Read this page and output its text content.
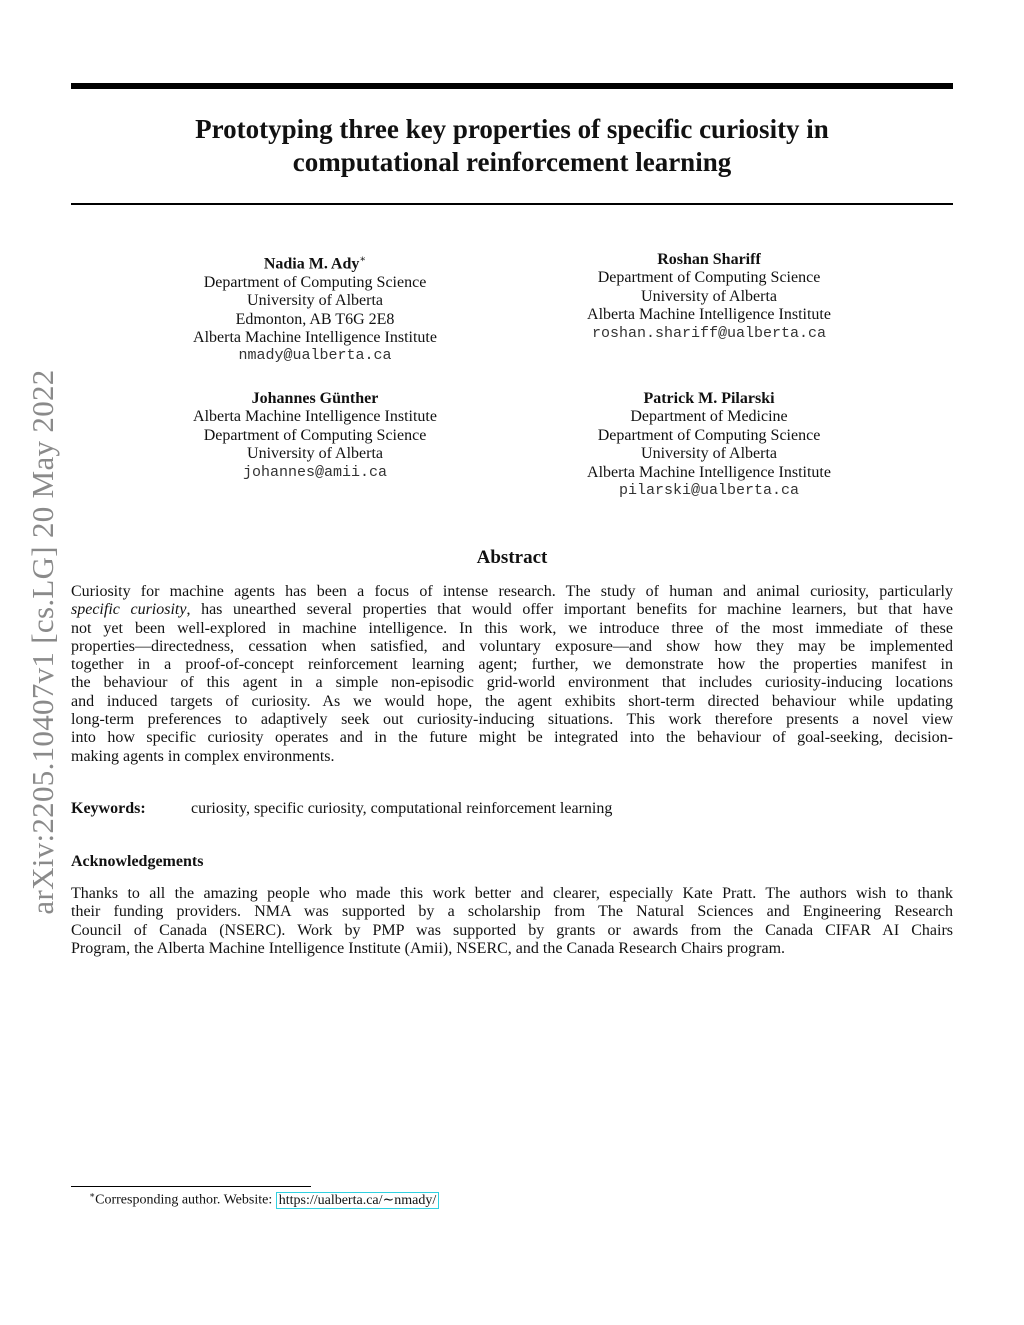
Prototyping three key properties of specific curiosity in
computational reinforcement learning
arXiv:2205.10407v1 [cs.LG] 20 May 2022
Nadia M. Ady∗
Department of Computing Science
University of Alberta
Edmonton, AB T6G 2E8
Alberta Machine Intelligence Institute
nmady@ualberta.ca
Roshan Shariff
Department of Computing Science
University of Alberta
Alberta Machine Intelligence Institute
roshan.shariff@ualberta.ca
Johannes Günther
Alberta Machine Intelligence Institute
Department of Computing Science
University of Alberta
johannes@amii.ca
Patrick M. Pilarski
Department of Medicine
Department of Computing Science
University of Alberta
Alberta Machine Intelligence Institute
pilarski@ualberta.ca
Abstract
Curiosity for machine agents has been a focus of intense research. The study of human and animal curiosity, particularly
specific curiosity, has unearthed several properties that would offer important benefits for machine learners, but that have
not yet been well-explored in machine intelligence. In this work, we introduce three of the most immediate of these
properties—directedness, cessation when satisfied, and voluntary exposure—and show how they may be implemented
together in a proof-of-concept reinforcement learning agent; further, we demonstrate how the properties manifest in
the behaviour of this agent in a simple non-episodic grid-world environment that includes curiosity-inducing locations
and induced targets of curiosity. As we would hope, the agent exhibits short-term directed behaviour while updating
long-term preferences to adaptively seek out curiosity-inducing situations. This work therefore presents a novel view
into how specific curiosity operates and in the future might be integrated into the behaviour of goal-seeking, decision-
making agents in complex environments.
Keywords:	curiosity, specific curiosity, computational reinforcement learning
Acknowledgements
Thanks to all the amazing people who made this work better and clearer, especially Kate Pratt. The authors wish to thank
their funding providers. NMA was supported by a scholarship from The Natural Sciences and Engineering Research
Council of Canada (NSERC). Work by PMP was supported by grants or awards from the Canada CIFAR AI Chairs
Program, the Alberta Machine Intelligence Institute (Amii), NSERC, and the Canada Research Chairs program.
∗Corresponding author. Website: https://ualberta.ca/∼nmady/
